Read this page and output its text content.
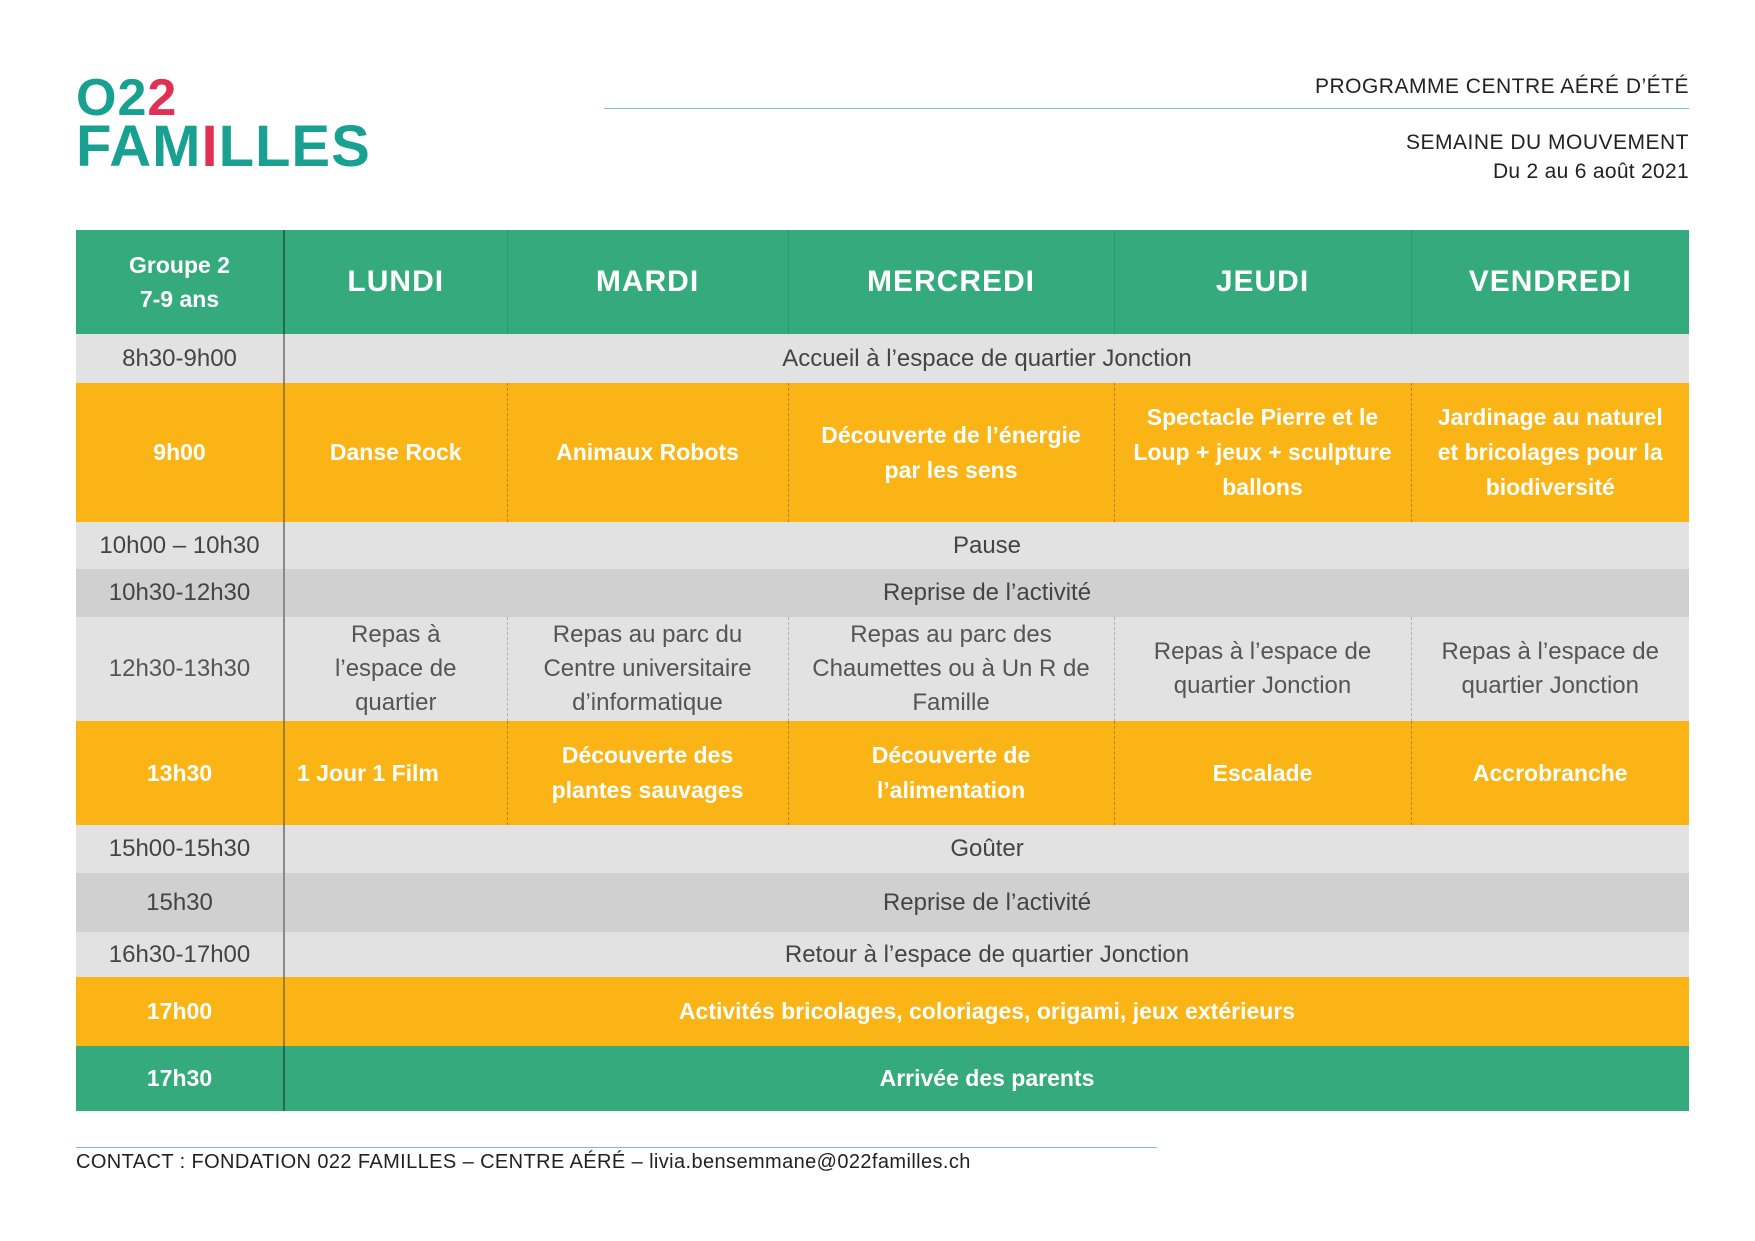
O22
FAMILLES
PROGRAMME CENTRE AÉRÉ D’ÉTÉ
SEMAINE DU MOUVEMENT
Du 2 au 6 août 2021
Groupe 2
7-9 ans	LUNDI	MARDI	MERCREDI	JEUDI	VENDREDI
8h30-9h00	Accueil à l’espace de quartier Jonction				
9h00	Danse Rock	Animaux Robots	Découverte de l’énergie par les sens	Spectacle Pierre et le Loup + jeux + sculpture ballons	Jardinage au naturel et bricolages pour la biodiversité
10h00 – 10h30	Pause				
10h30-12h30	Reprise de l’activité				
12h30-13h30	Repas à l’espace de quartier	Repas au parc du Centre universitaire d’informatique	Repas au parc des Chaumettes ou à Un R de Famille	Repas à l’espace de quartier Jonction	Repas à l’espace de quartier Jonction
13h30	1 Jour 1 Film	Découverte des plantes sauvages	Découverte de l’alimentation	Escalade	Accrobranche
15h00-15h30	Goûter				
15h30	Reprise de l’activité				
16h30-17h00	Retour à l’espace de quartier Jonction				
17h00	Activités bricolages, coloriages, origami, jeux extérieurs				
17h30	Arrivée des parents				
CONTACT : FONDATION 022 FAMILLES – CENTRE AÉRÉ – livia.bensemmane@022familles.ch
